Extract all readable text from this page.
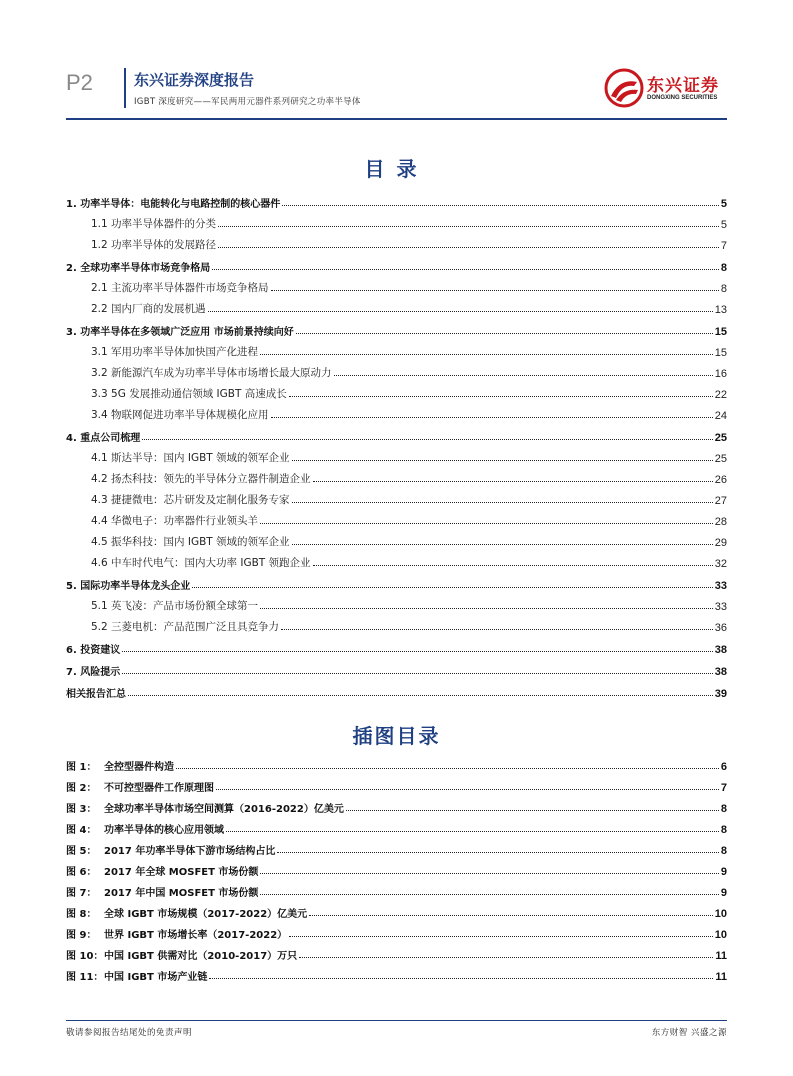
P2	东兴证券深度报告
IGBT 深度研究——军民两用元器件系列研究之功率半导体
东兴证券
DONGXING SECURITIES
目录
1. 功率半导体：电能转化与电路控制的核心器件	5
1.1 功率半导体器件的分类	5
1.2 功率半导体的发展路径	7
2. 全球功率半导体市场竞争格局	8
2.1 主流功率半导体器件市场竞争格局	8
2.2 国内厂商的发展机遇	13
3. 功率半导体在多领域广泛应用 市场前景持续向好	15
3.1 军用功率半导体加快国产化进程	15
3.2 新能源汽车成为功率半导体市场增长最大原动力	16
3.3 5G 发展推动通信领域 IGBT 高速成长	22
3.4 物联网促进功率半导体规模化应用	24
4. 重点公司梳理	25
4.1 斯达半导：国内 IGBT 领域的领军企业	25
4.2 扬杰科技：领先的半导体分立器件制造企业	26
4.3 捷捷微电：芯片研发及定制化服务专家	27
4.4 华微电子：功率器件行业领头羊	28
4.5 振华科技：国内 IGBT 领域的领军企业	29
4.6 中车时代电气：国内大功率 IGBT 领跑企业	32
5. 国际功率半导体龙头企业	33
5.1 英飞凌：产品市场份额全球第一	33
5.2 三菱电机：产品范围广泛且具竞争力	36
6. 投资建议	38
7. 风险提示	38
相关报告汇总	39
插图目录
图 1： 全控型器件构造	6
图 2： 不可控型器件工作原理图	7
图 3： 全球功率半导体市场空间测算（2016-2022）亿美元	8
图 4： 功率半导体的核心应用领域	8
图 5： 2017 年功率半导体下游市场结构占比	8
图 6： 2017 年全球 MOSFET 市场份额	9
图 7： 2017 年中国 MOSFET 市场份额	9
图 8： 全球 IGBT 市场规模（2017-2022）亿美元	10
图 9： 世界 IGBT 市场增长率（2017-2022）	10
图 10：中国 IGBT 供需对比（2010-2017）万只	11
图 11：中国 IGBT 市场产业链	11
敬请参阅报告结尾处的免责声明	东方财智 兴盛之源
